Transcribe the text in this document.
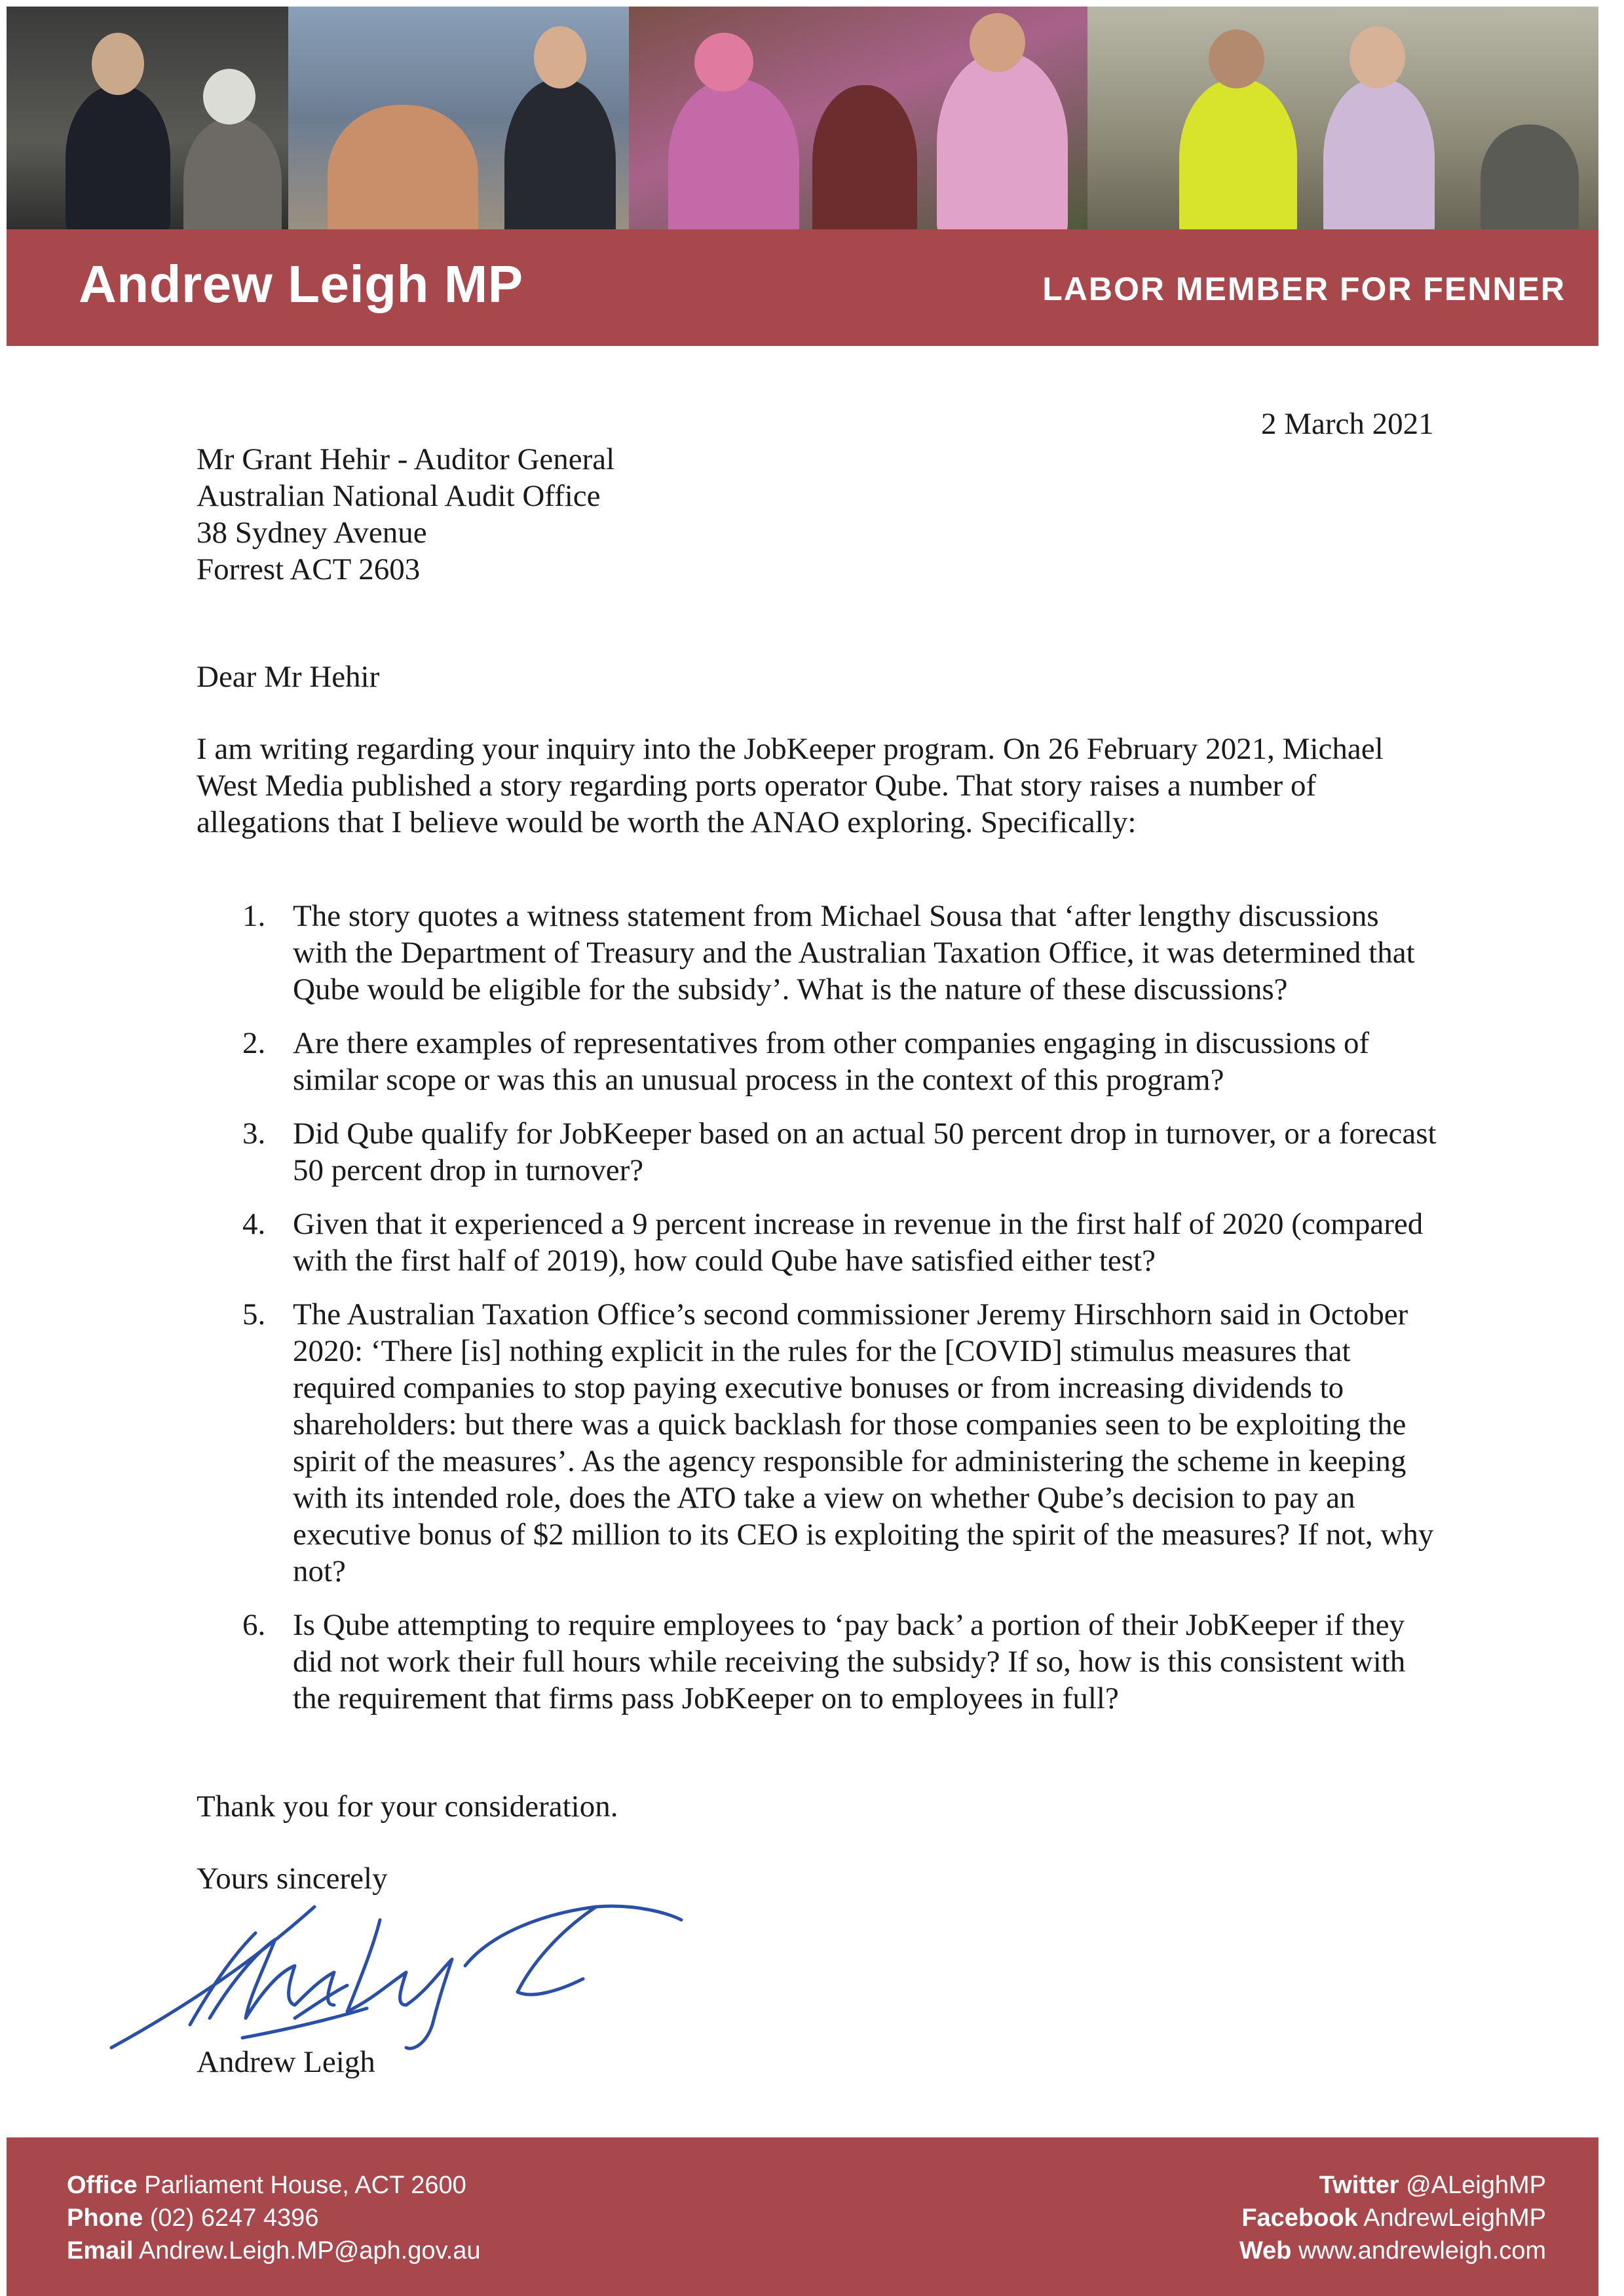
Andrew Leigh MP	LABOR MEMBER FOR FENNER
2 March 2021
Mr Grant Hehir - Auditor General
Australian National Audit Office
38 Sydney Avenue
Forrest ACT 2603
Dear Mr Hehir
I am writing regarding your inquiry into the JobKeeper program. On 26 February 2021, Michael West Media published a story regarding ports operator Qube. That story raises a number of allegations that I believe would be worth the ANAO exploring. Specifically:
1. The story quotes a witness statement from Michael Sousa that ‘after lengthy discussions with the Department of Treasury and the Australian Taxation Office, it was determined that Qube would be eligible for the subsidy’. What is the nature of these discussions?
2. Are there examples of representatives from other companies engaging in discussions of similar scope or was this an unusual process in the context of this program?
3. Did Qube qualify for JobKeeper based on an actual 50 percent drop in turnover, or a forecast 50 percent drop in turnover?
4. Given that it experienced a 9 percent increase in revenue in the first half of 2020 (compared with the first half of 2019), how could Qube have satisfied either test?
5. The Australian Taxation Office’s second commissioner Jeremy Hirschhorn said in October 2020: ‘There [is] nothing explicit in the rules for the [COVID] stimulus measures that required companies to stop paying executive bonuses or from increasing dividends to shareholders: but there was a quick backlash for those companies seen to be exploiting the spirit of the measures’. As the agency responsible for administering the scheme in keeping with its intended role, does the ATO take a view on whether Qube’s decision to pay an executive bonus of $2 million to its CEO is exploiting the spirit of the measures? If not, why not?
6. Is Qube attempting to require employees to ‘pay back’ a portion of their JobKeeper if they did not work their full hours while receiving the subsidy? If so, how is this consistent with the requirement that firms pass JobKeeper on to employees in full?
Thank you for your consideration.
Yours sincerely
Andrew Leigh
Office Parliament House, ACT 2600
Phone (02) 6247 4396
Email Andrew.Leigh.MP@aph.gov.au
Twitter @ALeighMP
Facebook AndrewLeighMP
Web www.andrewleigh.com
